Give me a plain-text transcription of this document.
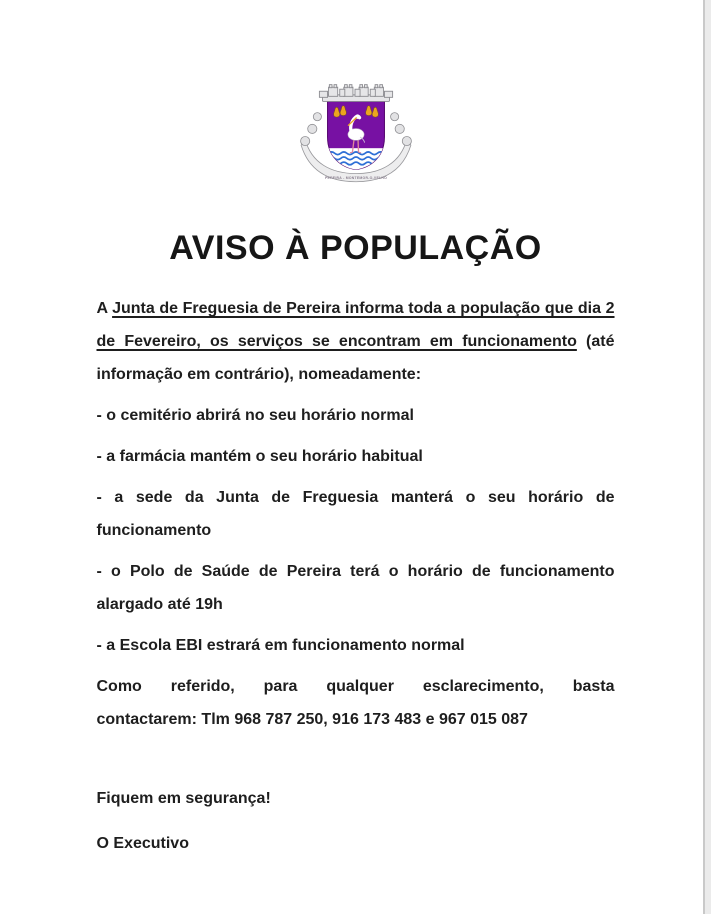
PEREIRA - MONTEMOR-O-VELHO
AVISO À POPULAÇÃO

A Junta de Freguesia de Pereira informa toda a população que dia 2 de Fevereiro, os serviços se encontram em funcionamento (até informação em contrário), nomeadamente:

- o cemitério abrirá no seu horário normal

- a farmácia mantém o seu horário habitual

- a sede da Junta de Freguesia manterá o seu horário de funcionamento

- o Polo de Saúde de Pereira terá o horário de funcionamento alargado até 19h

- a Escola EBI estrará em funcionamento normal

Como referido, para qualquer esclarecimento, basta
contactarem: Tlm 968 787 250, 916 173 483 e 967 015 087

Fiquem em segurança!

O Executivo
